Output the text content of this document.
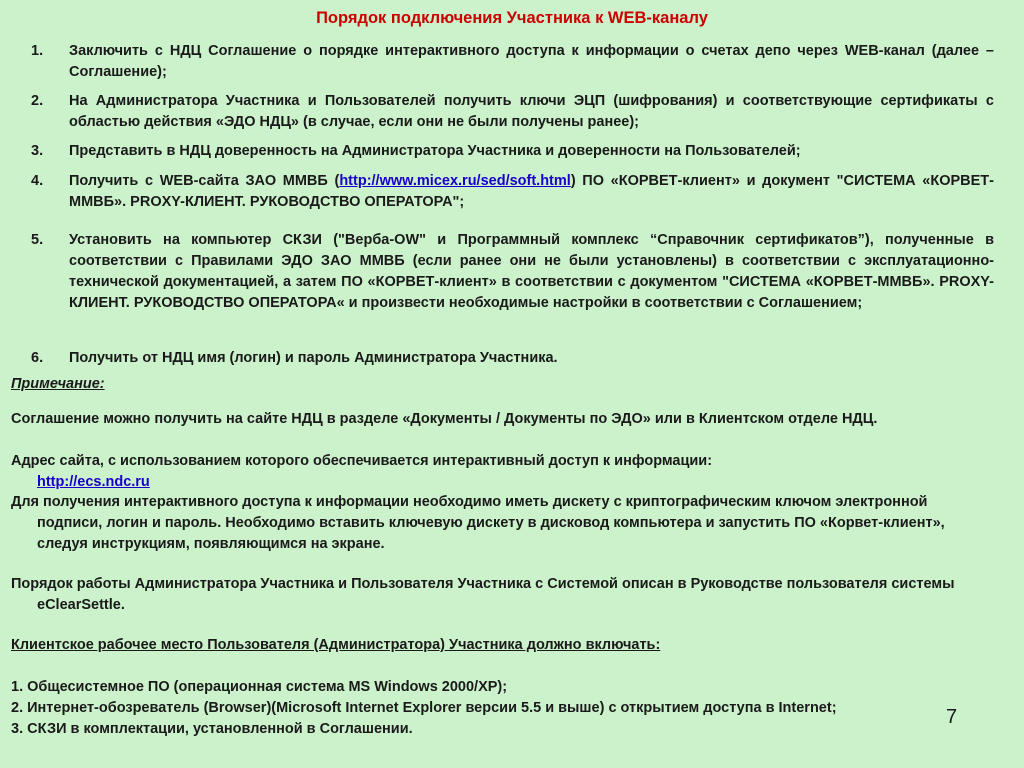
Порядок подключения Участника к WEB-каналу
1. Заключить с НДЦ Соглашение о порядке интерактивного доступа к информации о счетах депо через WEB-канал (далее – Соглашение);
2. На Администратора Участника и Пользователей получить ключи ЭЦП (шифрования) и соответствующие сертификаты с областью действия «ЭДО НДЦ» (в случае, если они не были получены ранее);
3. Представить в НДЦ доверенность на Администратора Участника и доверенности на Пользователей;
4. Получить с WEB-сайта ЗАО ММВБ (http://www.micex.ru/sed/soft.html) ПО «КОРВЕТ-клиент» и документ "СИСТЕМА «КОРВЕТ-ММВБ». PROXY-КЛИЕНТ. РУКОВОДСТВО ОПЕРАТОРА";
5. Установить на компьютер СКЗИ ("Верба-OW" и Программный комплекс “Справочник сертификатов”), полученные в соответствии с Правилами ЭДО ЗАО ММВБ (если ранее они не были установлены) в соответствии с эксплуатационно-технической документацией, а затем ПО «КОРВЕТ-клиент» в соответствии с документом "СИСТЕМА «КОРВЕТ-ММВБ». PROXY-КЛИЕНТ. РУКОВОДСТВО ОПЕРАТОРА« и произвести необходимые настройки в соответствии с Соглашением;
6. Получить от НДЦ имя (логин) и пароль Администратора Участника.
Примечание:
Соглашение можно получить на сайте НДЦ в разделе «Документы / Документы по ЭДО» или в Клиентском отделе НДЦ.
Адрес сайта, с использованием которого обеспечивается интерактивный доступ к информации:
http://ecs.ndc.ru
Для получения интерактивного доступа к информации необходимо иметь дискету с криптографическим ключом электронной подписи, логин и пароль. Необходимо вставить ключевую дискету в дисковод компьютера и запустить ПО «Корвет-клиент», следуя инструкциям, появляющимся на экране.
Порядок работы Администратора Участника и Пользователя Участника с Системой описан в Руководстве пользователя системы eClearSettle.
Клиентское рабочее место Пользователя (Администратора) Участника должно включать:
1. Общесистемное ПО (операционная система MS Windows 2000/XP);
2. Интернет-обозреватель (Browser)(Microsoft Internet Explorer версии 5.5 и выше) с открытием доступа в Internet;
3. СКЗИ в комплектации, установленной в Соглашении.
7
